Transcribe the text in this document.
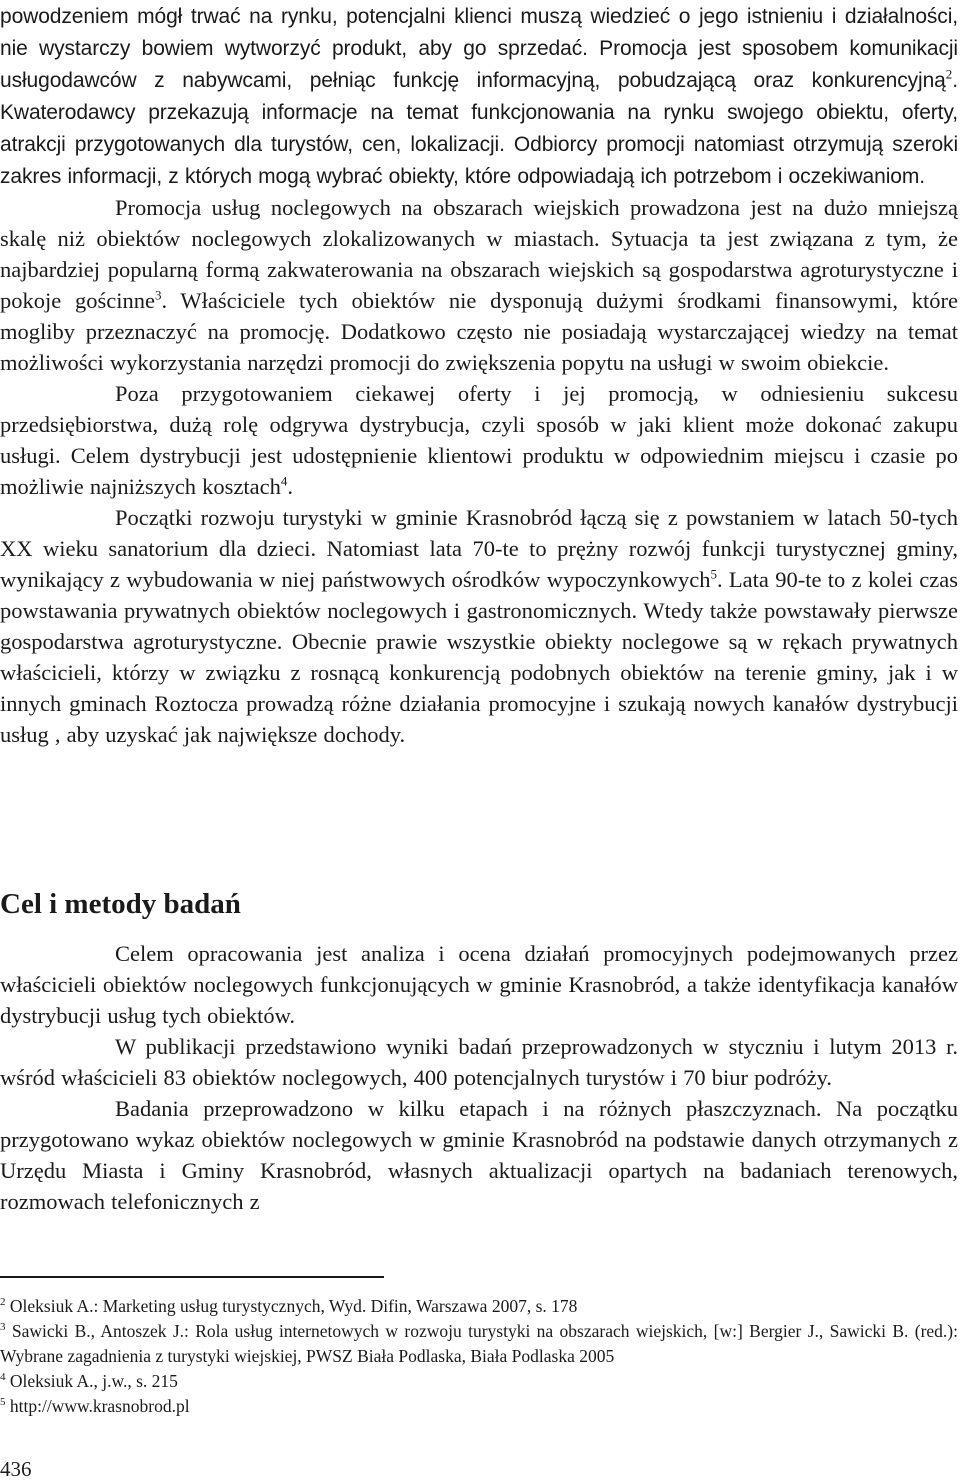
powodzeniem mógł trwać na rynku, potencjalni klienci muszą wiedzieć o jego istnieniu i działalności, nie wystarczy bowiem wytworzyć produkt, aby go sprzedać. Promocja jest sposobem komunikacji usługodawców z nabywcami, pełniąc funkcję informacyjną, pobudzającą oraz konkurencyjną$^2$. Kwaterodawcy przekazują informacje na temat funkcjonowania na rynku swojego obiektu, oferty, atrakcji przygotowanych dla turystów, cen, lokalizacji. Odbiorcy promocji natomiast otrzymują szeroki zakres informacji, z których mogą wybrać obiekty, które odpowiadają ich potrzebom i oczekiwaniom.

Promocja usług noclegowych na obszarach wiejskich prowadzona jest na dużo mniejszą skalę niż obiektów noclegowych zlokalizowanych w miastach. Sytuacja ta jest związana z tym, że najbardziej popularną formą zakwaterowania na obszarach wiejskich są gospodarstwa agroturystyczne i pokoje gościnne$^3$. Właściciele tych obiektów nie dysponują dużymi środkami finansowymi, które mogliby przeznaczyć na promocję. Dodatkowo często nie posiadają wystarczającej wiedzy na temat możliwości wykorzystania narzędzi promocji do zwiększenia popytu na usługi w swoim obiekcie.

Poza przygotowaniem ciekawej oferty i jej promocją, w odniesieniu sukcesu przedsiębiorstwa, dużą rolę odgrywa dystrybucja, czyli sposób w jaki klient może dokonać zakupu usługi. Celem dystrybucji jest udostępnienie klientowi produktu w odpowiednim miejscu i czasie po możliwie najniższych kosztach$^4$.

Początki rozwoju turystyki w gminie Krasnobród łączą się z powstaniem w latach 50-tych XX wieku sanatorium dla dzieci. Natomiast lata 70-te to prężny rozwój funkcji turystycznej gminy, wynikający z wybudowania w niej państwowych ośrodków wypoczynkowych$^5$. Lata 90-te to z kolei czas powstawania prywatnych obiektów noclegowych i gastronomicznych. Wtedy także powstawały pierwsze gospodarstwa agroturystyczne. Obecnie prawie wszystkie obiekty noclegowe są w rękach prywatnych właścicieli, którzy w związku z rosnącą konkurencją podobnych obiektów na terenie gminy, jak i w innych gminach Roztocza prowadzą różne działania promocyjne i szukają nowych kanałów dystrybucji usług , aby uzyskać jak największe dochody.

Cel i metody badań

Celem opracowania jest analiza i ocena działań promocyjnych podejmowanych przez właścicieli obiektów noclegowych funkcjonujących w gminie Krasnobród, a także identyfikacja kanałów dystrybucji usług tych obiektów.

W publikacji przedstawiono wyniki badań przeprowadzonych w styczniu i lutym 2013 r. wśród właścicieli 83 obiektów noclegowych, 400 potencjalnych turystów i 70 biur podróży.

Badania przeprowadzono w kilku etapach i na różnych płaszczyznach. Na początku przygotowano wykaz obiektów noclegowych w gminie Krasnobród na podstawie danych otrzymanych z Urzędu Miasta i Gminy Krasnobród, własnych aktualizacji opartych na badaniach terenowych, rozmowach telefonicznych z

$^2$ Oleksiuk A.: Marketing usług turystycznych, Wyd. Difin, Warszawa 2007, s. 178

$^3$ Sawicki B., Antoszek J.: Rola usług internetowych w rozwoju turystyki na obszarach wiejskich, [w:] Bergier J., Sawicki B. (red.): Wybrane zagadnienia z turystyki wiejskiej, PWSZ Biała Podlaska, Biała Podlaska 2005

$^4$ Oleksiuk A., j.w., s. 215

$^5$ http://www.krasnobrod.pl

436
